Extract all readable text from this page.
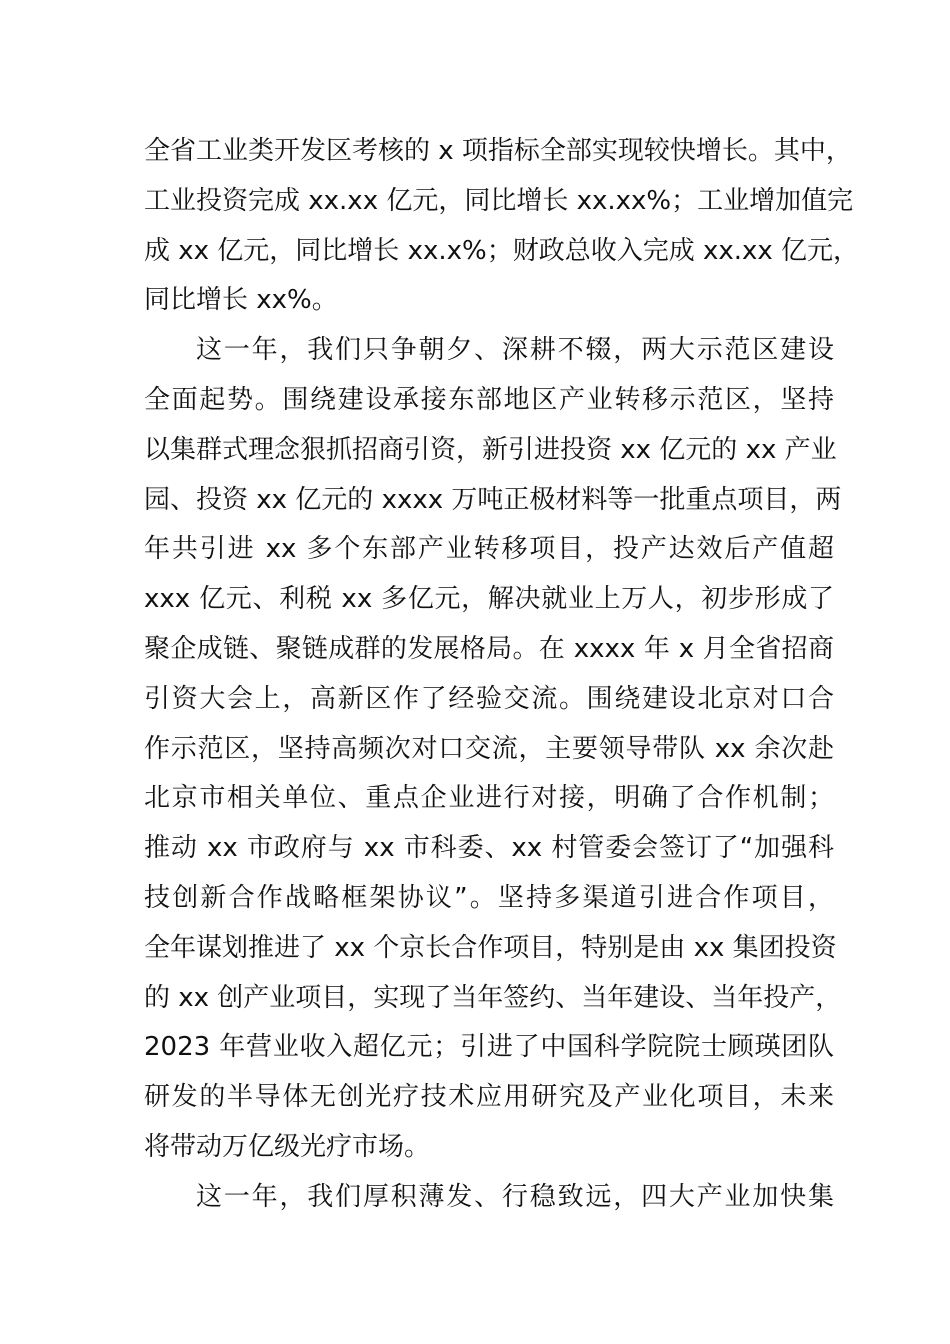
全省工业类开发区考核的 x 项指标全部实现较快增长。其中，
工业投资完成 xx.xx 亿元，同比增长 xx.xx%；工业增加值完
成 xx 亿元，同比增长 xx.x%；财政总收入完成 xx.xx 亿元，
同比增长 xx%。
这一年，我们只争朝夕、深耕不辍，两大示范区建设
全面起势。围绕建设承接东部地区产业转移示范区，坚持
以集群式理念狠抓招商引资，新引进投资 xx 亿元的 xx 产业
园、投资 xx 亿元的 xxxx 万吨正极材料等一批重点项目，两
年共引进 xx 多个东部产业转移项目，投产达效后产值超
xxx 亿元、利税 xx 多亿元，解决就业上万人，初步形成了
聚企成链、聚链成群的发展格局。在 xxxx 年 x 月全省招商
引资大会上，高新区作了经验交流。围绕建设北京对口合
作示范区，坚持高频次对口交流，主要领导带队 xx 余次赴
北京市相关单位、重点企业进行对接，明确了合作机制；
推动 xx 市政府与 xx 市科委、xx 村管委会签订了“加强科
技创新合作战略框架协议”。坚持多渠道引进合作项目，
全年谋划推进了 xx 个京长合作项目，特别是由 xx 集团投资
的 xx 创产业项目，实现了当年签约、当年建设、当年投产，
2023 年营业收入超亿元；引进了中国科学院院士顾瑛团队
研发的半导体无创光疗技术应用研究及产业化项目，未来
将带动万亿级光疗市场。
这一年，我们厚积薄发、行稳致远，四大产业加快集
